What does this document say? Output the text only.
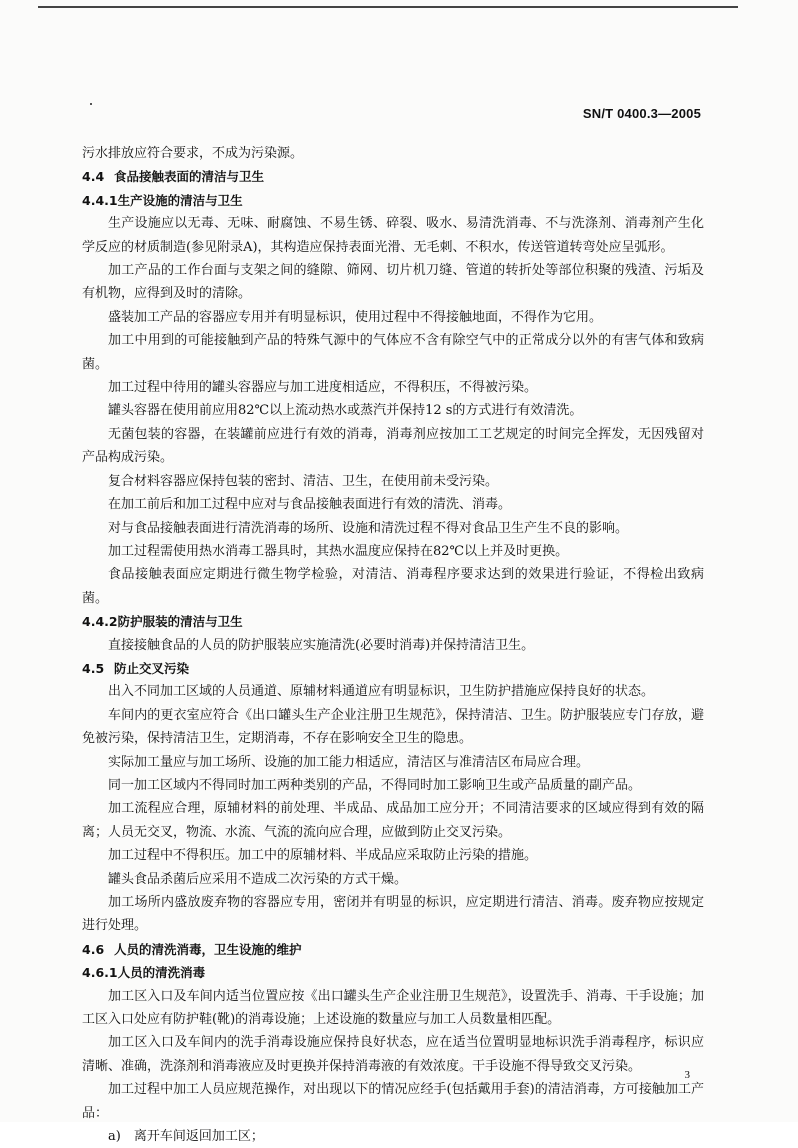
SN/T 0400.3—2005

污水排放应符合要求，不成为污染源。

4.4 食品接触表面的清洁与卫生

4.4.1生产设施的清洁与卫生

生产设施应以无毒、无味、耐腐蚀、不易生锈、碎裂、吸水、易清洗消毒、不与洗涤剂、消毒剂产生化学反应的材质制造(参见附录A)，其构造应保持表面光滑、无毛刺、不积水，传送管道转弯处应呈弧形。

加工产品的工作台面与支架之间的缝隙、筛网、切片机刀缝、管道的转折处等部位积聚的残渣、污垢及有机物，应得到及时的清除。

盛装加工产品的容器应专用并有明显标识，使用过程中不得接触地面，不得作为它用。

加工中用到的可能接触到产品的特殊气源中的气体应不含有除空气中的正常成分以外的有害气体和致病菌。

加工过程中待用的罐头容器应与加工进度相适应，不得积压，不得被污染。

罐头容器在使用前应用82℃以上流动热水或蒸汽并保持12 s的方式进行有效清洗。

无菌包装的容器，在装罐前应进行有效的消毒，消毒剂应按加工工艺规定的时间完全挥发，无因残留对产品构成污染。

复合材料容器应保持包装的密封、清洁、卫生，在使用前未受污染。

在加工前后和加工过程中应对与食品接触表面进行有效的清洗、消毒。

对与食品接触表面进行清洗消毒的场所、设施和清洗过程不得对食品卫生产生不良的影响。

加工过程需使用热水消毒工器具时，其热水温度应保持在82℃以上并及时更换。

食品接触表面应定期进行微生物学检验，对清洁、消毒程序要求达到的效果进行验证，不得检出致病菌。

4.4.2防护服装的清洁与卫生

直接接触食品的人员的防护服装应实施清洗(必要时消毒)并保持清洁卫生。

4.5 防止交叉污染

出入不同加工区域的人员通道、原辅材料通道应有明显标识，卫生防护措施应保持良好的状态。

车间内的更衣室应符合《出口罐头生产企业注册卫生规范》，保持清洁、卫生。防护服装应专门存放，避免被污染，保持清洁卫生，定期消毒，不存在影响安全卫生的隐患。

实际加工量应与加工场所、设施的加工能力相适应，清洁区与准清洁区布局应合理。

同一加工区域内不得同时加工两种类别的产品，不得同时加工影响卫生或产品质量的副产品。

加工流程应合理，原辅材料的前处理、半成品、成品加工应分开；不同清洁要求的区域应得到有效的隔离；人员无交叉，物流、水流、气流的流向应合理，应做到防止交叉污染。

加工过程中不得积压。加工中的原辅材料、半成品应采取防止污染的措施。

罐头食品杀菌后应采用不造成二次污染的方式干燥。

加工场所内盛放废弃物的容器应专用，密闭并有明显的标识，应定期进行清洁、消毒。废弃物应按规定进行处理。

4.6 人员的清洗消毒，卫生设施的维护

4.6.1人员的清洗消毒

加工区入口及车间内适当位置应按《出口罐头生产企业注册卫生规范》，设置洗手、消毒、干手设施；加工区入口处应有防护鞋(靴)的消毒设施；上述设施的数量应与加工人员数量相匹配。

加工区入口及车间内的洗手消毒设施应保持良好状态，应在适当位置明显地标识洗手消毒程序，标识应清晰、准确，洗涤剂和消毒液应及时更换并保持消毒液的有效浓度。干手设施不得导致交叉污染。

加工过程中加工人员应规范操作，对出现以下的情况应经手(包括戴用手套)的清洁消毒，方可接触加工产品：

a)　离开车间返回加工区；

3
